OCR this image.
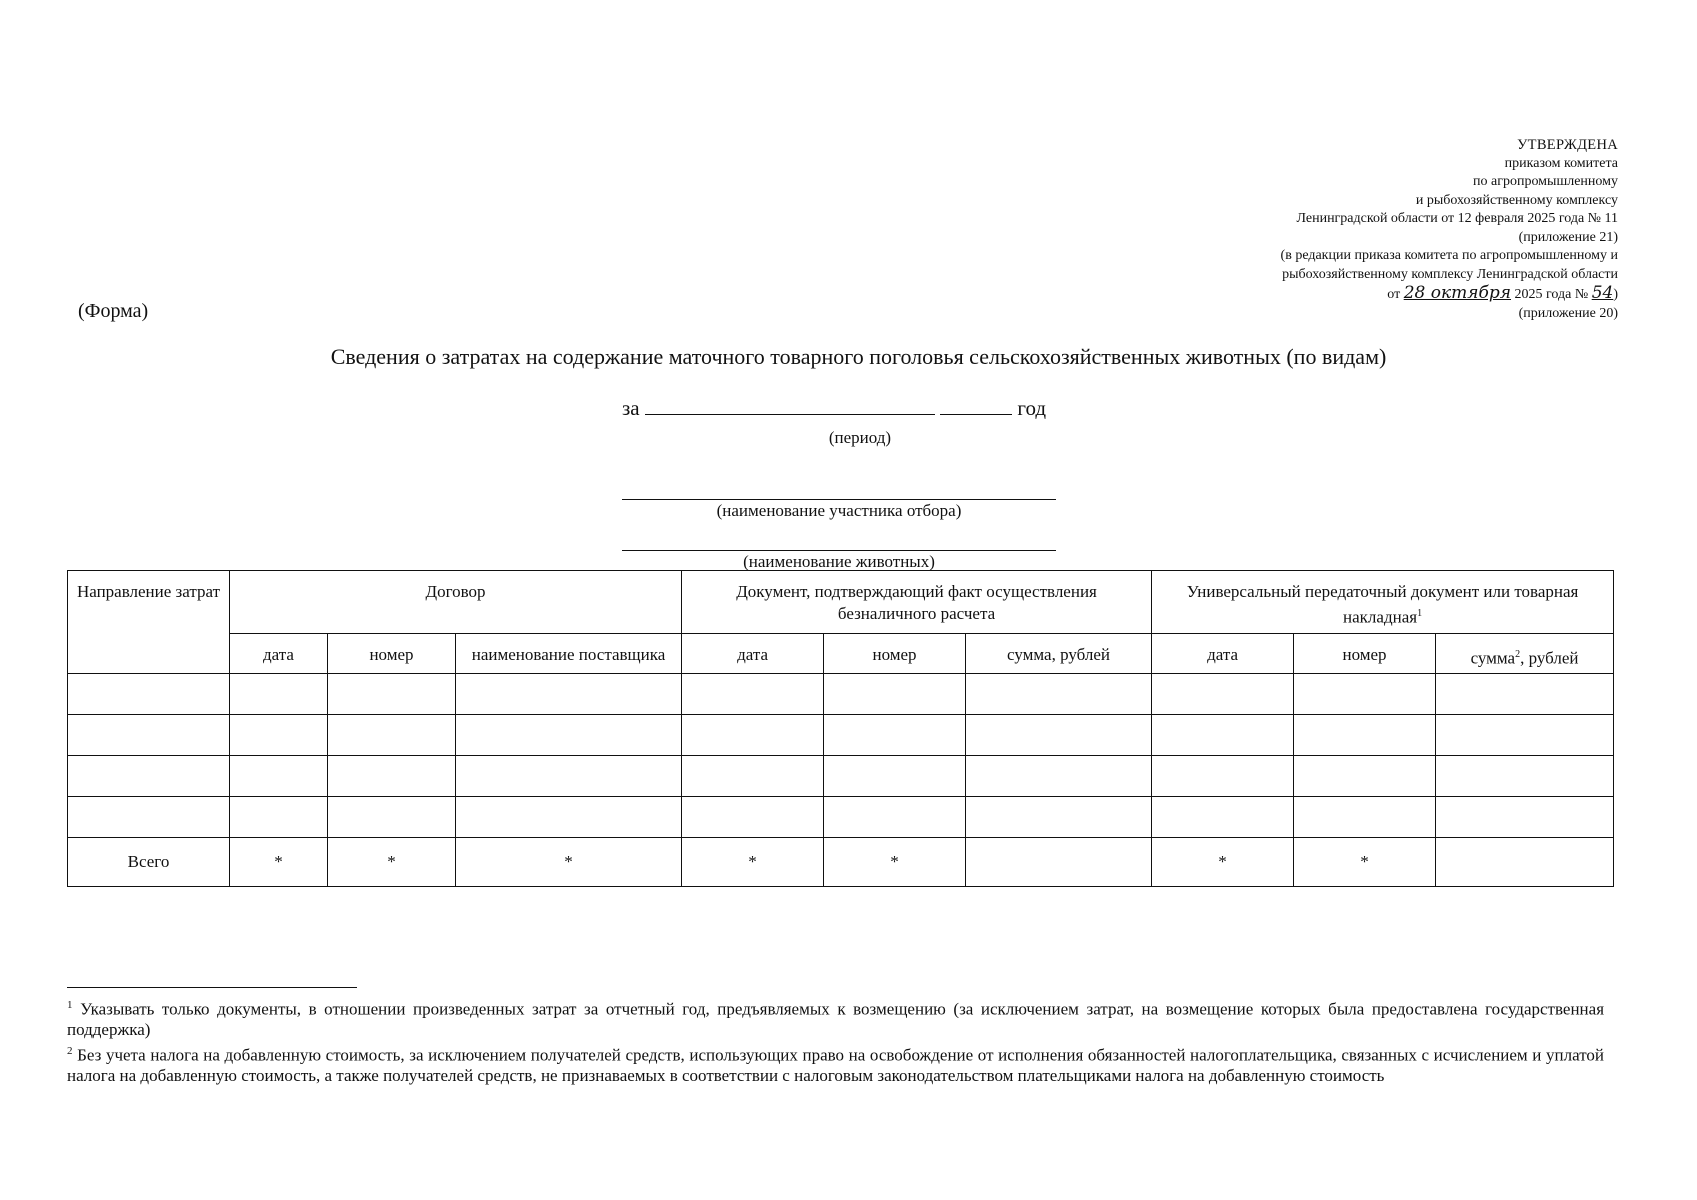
УТВЕРЖДЕНА
приказом комитета
по агропромышленному
и рыбохозяйственному комплексу
Ленинградской области от 12 февраля 2025 года № 11
(приложение 21)
(в редакции приказа комитета по агропромышленному и
рыбохозяйственному комплексу Ленинградской области
от 28 октября 2025 года № 54)
(приложение 20)
(Форма)
Сведения о затратах на содержание маточного товарного поголовья сельскохозяйственных животных (по видам)
за	год
(период)
(наименование участника отбора)
(наименование животных)
Направление затрат	Договор			Документ, подтверждающий факт осуществления безналичного расчета			Универсальный передаточный документ или товарная накладная$^1$
	дата	номер	наименование поставщика	дата	номер	сумма, рублей	дата	номер	сумма$^2$, рублей

Всего	*	*	*	*	*		*	*	
$^1$ Указывать только документы, в отношении произведенных затрат за отчетный год, предъявляемых к возмещению (за исключением затрат, на возмещение которых была предоставлена государственная поддержка)
$^2$ Без учета налога на добавленную стоимость, за исключением получателей средств, использующих право на освобождение от исполнения обязанностей налогоплательщика, связанных с исчислением и уплатой налога на добавленную стоимость, а также получателей средств, не признаваемых в соответствии с налоговым законодательством плательщиками налога на добавленную стоимость
